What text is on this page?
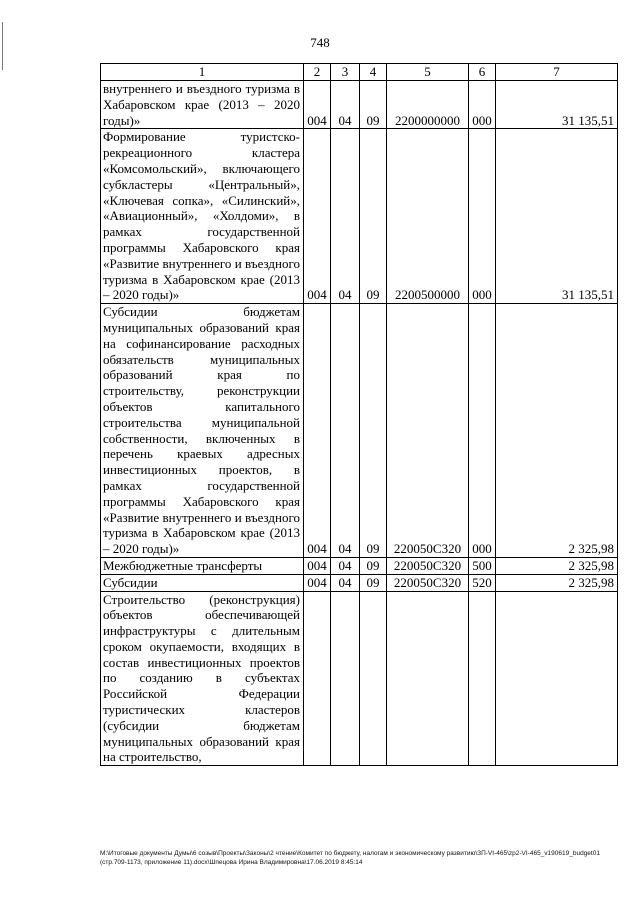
748
1	2	3	4	5	6	7
внутреннего и въездного туризма в Хабаровском крае (2013 – 2020 годы)»	004	04	09	2200000000	000	31 135,51
Формирование туристско-рекреационного кластера «Комсомольский», включающего субкластеры «Центральный», «Ключевая сопка», «Силинский», «Авиационный», «Холдоми», в рамках государственной программы Хабаровского края «Развитие внутреннего и въездного туризма в Хабаровском крае (2013 – 2020 годы)»	004	04	09	2200500000	000	31 135,51
Субсидии бюджетам муниципальных образований края на софинансирование расходных обязательств муниципальных образований края по строительству, реконструкции объектов капитального строительства муниципальной собственности, включенных в перечень краевых адресных инвестиционных проектов, в рамках государственной программы Хабаровского края «Развитие внутреннего и въездного туризма в Хабаровском крае (2013 – 2020 годы)»	004	04	09	220050С320	000	2 325,98
Межбюджетные трансферты	004	04	09	220050С320	500	2 325,98
Субсидии	004	04	09	220050С320	520	2 325,98
Строительство (реконструкция) объектов обеспечивающей инфраструктуры с длительным сроком окупаемости, входящих в состав инвестиционных проектов по созданию в субъектах Российской Федерации туристических кластеров (субсидии бюджетам муниципальных образований края на строительство,						
M:\Итоговые документы Думы\6 созыв\Проекты\Законы\2 чтение\Комитет по бюджету, налогам и экономическому развитию\ЗП-VI-465\zp2-VI-465_v190619_budget01 (стр.709-1173, приложение 11).docx\Шпецова Ирина Владимировна\17.06.2019 8:45:14
